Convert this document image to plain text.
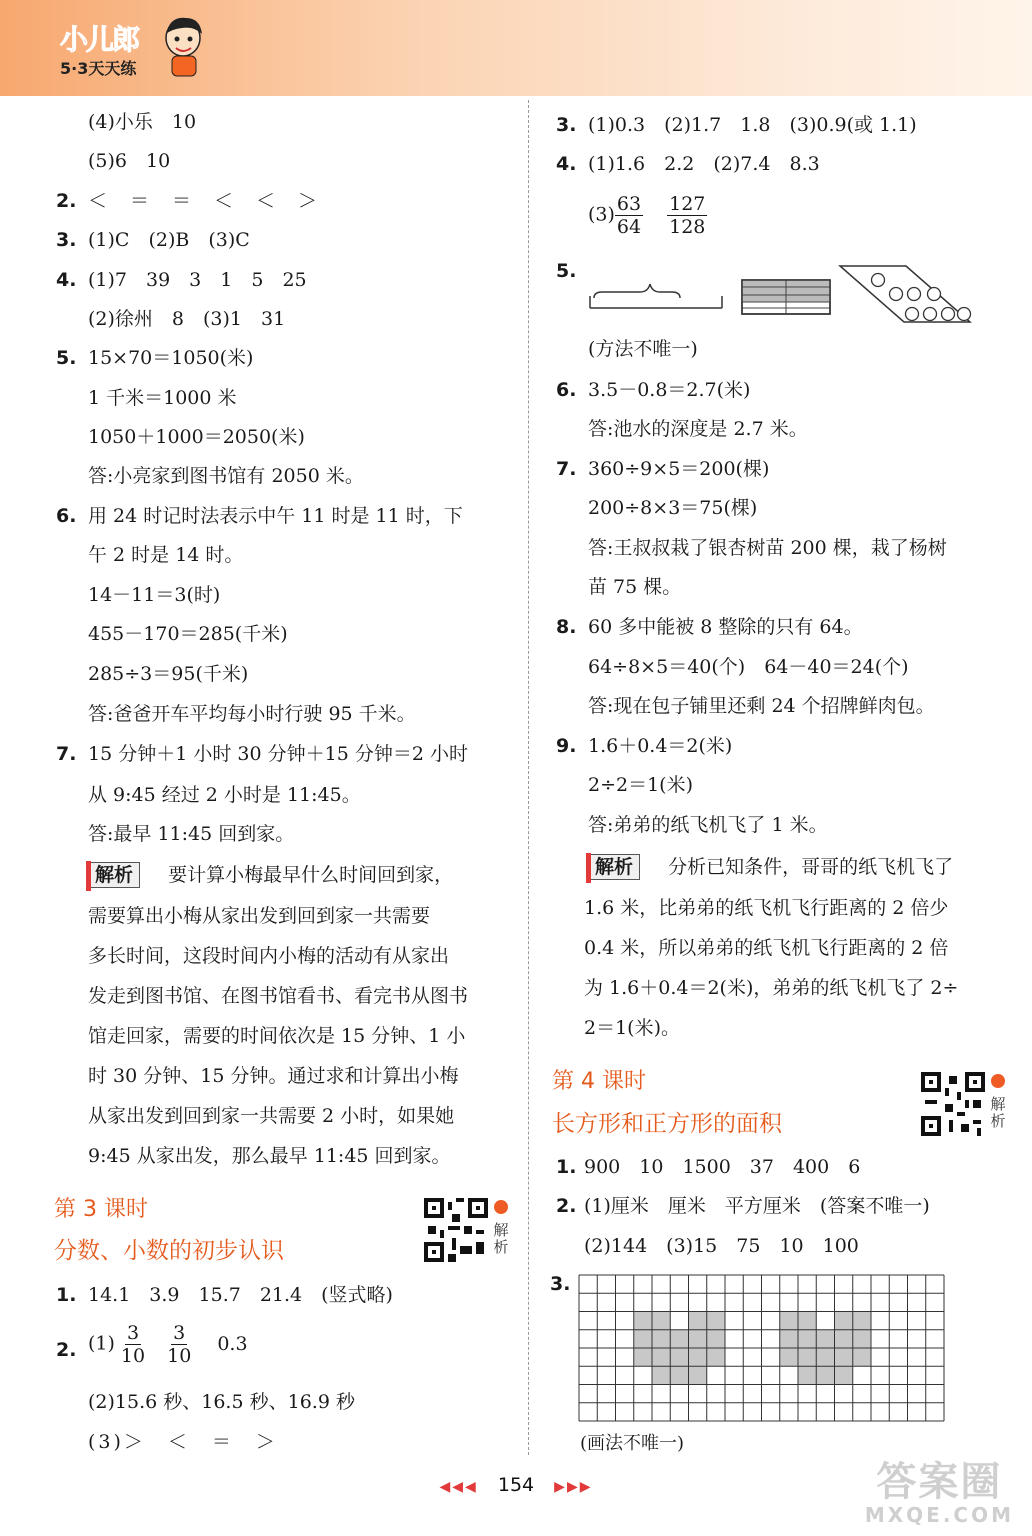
小儿郎
5·3天天练
(4)小乐　10
(5)6　10
2. ＜　＝　＝　＜　＜　＞
3. (1)C　(2)B　(3)C
4. (1)7　39　3　1　5　25
(2)徐州　8　(3)1　31
5. 15×70＝1050(米)
1 千米＝1000 米
1050＋1000＝2050(米)
答:小亮家到图书馆有 2050 米。
6. 用 24 时记时法表示中午 11 时是 11 时，下
午 2 时是 14 时。
14－11＝3(时)
455－170＝285(千米)
285÷3＝95(千米)
答:爸爸开车平均每小时行驶 95 千米。
7. 15 分钟＋1 小时 30 分钟＋15 分钟＝2 小时
从 9:45 经过 2 小时是 11:45。
答:最早 11:45 回到家。
解析 要计算小梅最早什么时间回到家，
需要算出小梅从家出发到回到家一共需要
多长时间，这段时间内小梅的活动有从家出
发走到图书馆、在图书馆看书、看完书从图书
馆走回家，需要的时间依次是 15 分钟、1 小
时 30 分钟、15 分钟。通过求和计算出小梅
从家出发到回到家一共需要 2 小时，如果她
9:45 从家出发，那么最早 11:45 回到家。
第 3 课时
分数、小数的初步认识
解析
1. 14.1　3.9　15.7　21.4　(竖式略)
2. $(1) \frac{3}{10} \frac{3}{10} 0.3$
(2)15.6 秒、16.5 秒、16.9 秒
(3)＞　＜　＝　＞
3. (1)0.3　(2)1.7　1.8　(3)0.9(或 1.1)
4. (1)1.6　2.2　(2)7.4　8.3
$(3) \frac{63}{64} \frac{127}{128}$
5.
(方法不唯一)
6. 3.5－0.8＝2.7(米)
答:池水的深度是 2.7 米。
7. 360÷9×5＝200(棵)
200÷8×3＝75(棵)
答:王叔叔栽了银杏树苗 200 棵，栽了杨树
苗 75 棵。
8. 60 多中能被 8 整除的只有 64。
64÷8×5＝40(个)　64－40＝24(个)
答:现在包子铺里还剩 24 个招牌鲜肉包。
9. 1.6＋0.4＝2(米)
2÷2＝1(米)
答:弟弟的纸飞机飞了 1 米。
解析 分析已知条件，哥哥的纸飞机飞了
1.6 米，比弟弟的纸飞机飞行距离的 2 倍少
0.4 米，所以弟弟的纸飞机飞行距离的 2 倍
为 1.6＋0.4＝2(米)，弟弟的纸飞机飞了 2÷
2＝1(米)。
第 4 课时
长方形和正方形的面积
解析
1. 900　10　1500　37　400　6
2. (1)厘米　厘米　平方厘米　(答案不唯一)
(2)144　(3)15　75　10　100
3.
(画法不唯一)
◀◀◀ 154 ▶▶▶	答案圈
MXQE.COM
